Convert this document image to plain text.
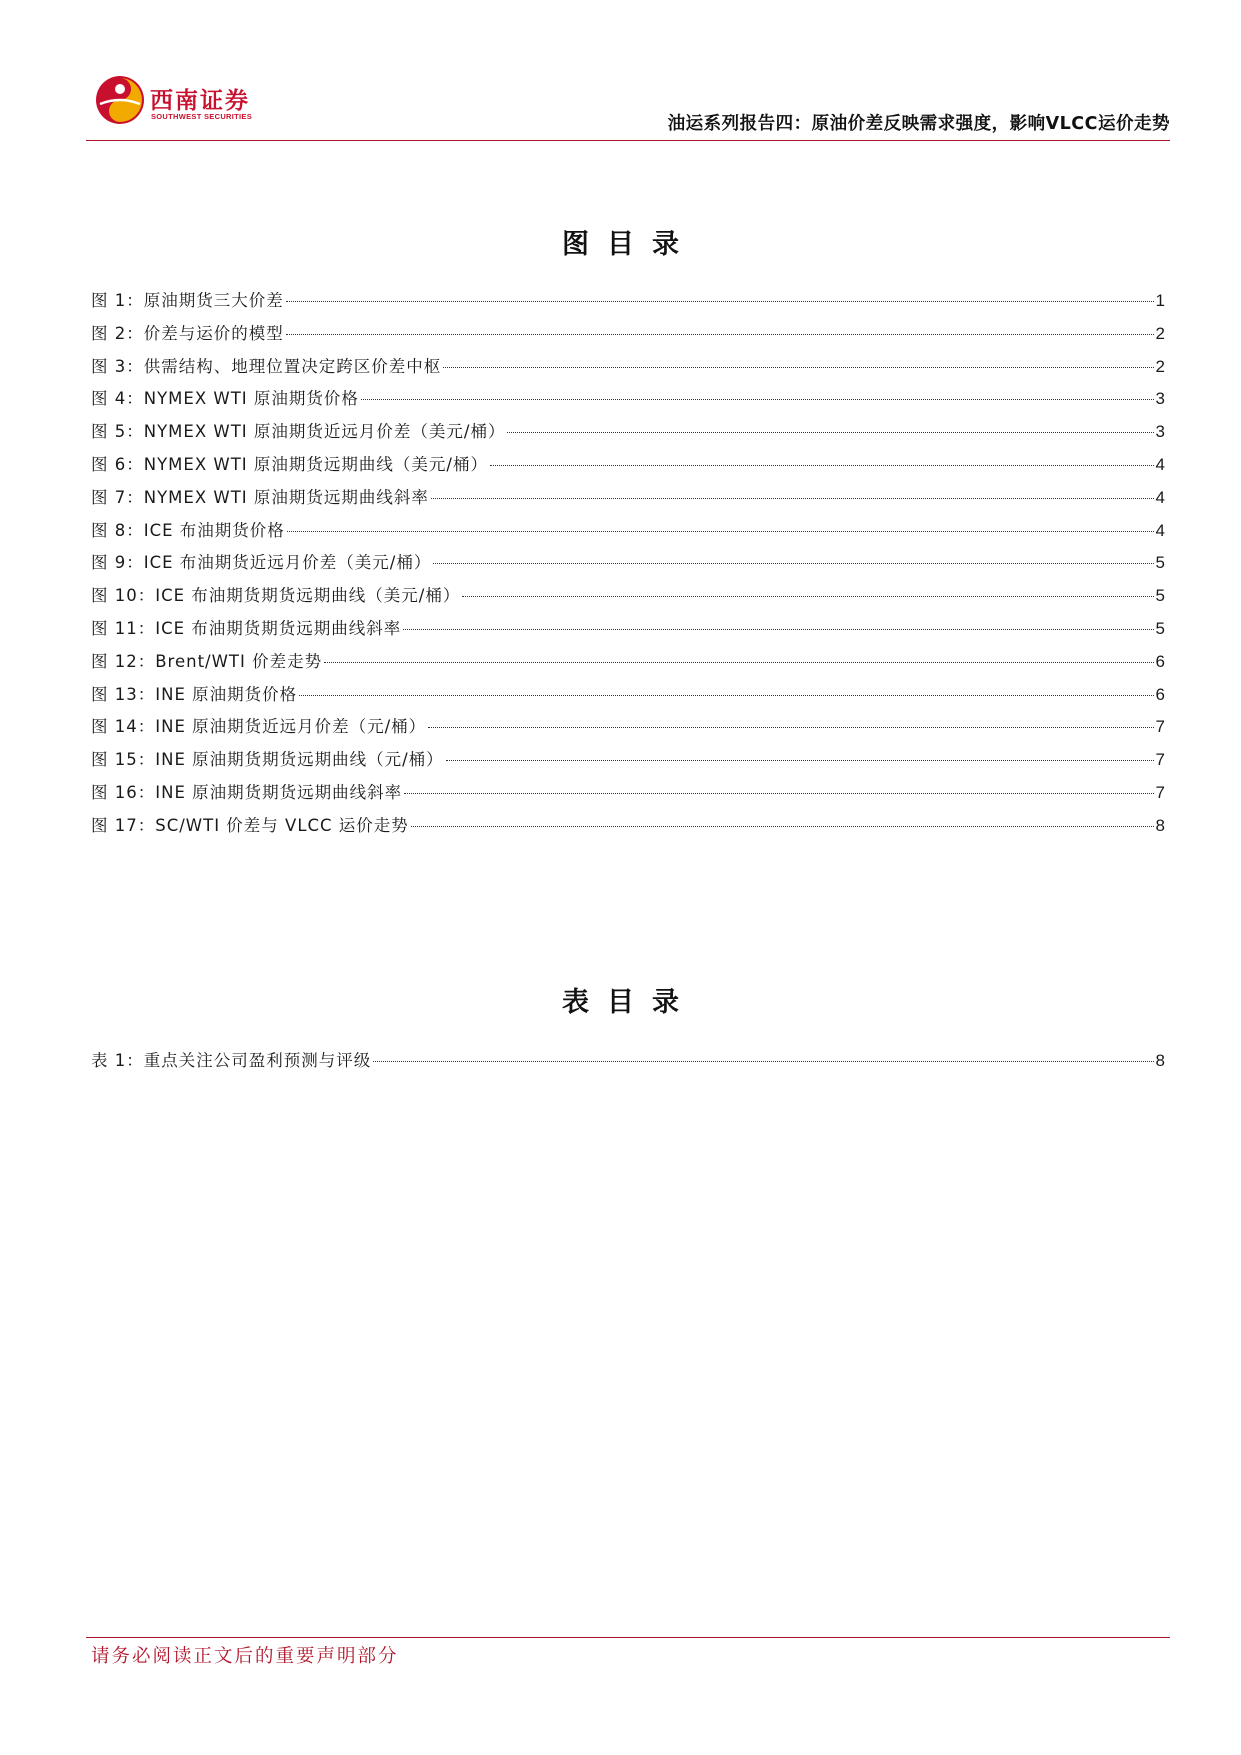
西南证券
SOUTHWEST SECURITIES	油运系列报告四：原油价差反映需求强度，影响VLCC运价走势
图目录
图 1：原油期货三大价差	1
图 2：价差与运价的模型	2
图 3：供需结构、地理位置决定跨区价差中枢	2
图 4：NYMEX WTI 原油期货价格	3
图 5：NYMEX WTI 原油期货近远月价差（美元/桶）	3
图 6：NYMEX WTI 原油期货远期曲线（美元/桶）	4
图 7：NYMEX WTI 原油期货远期曲线斜率	4
图 8：ICE 布油期货价格	4
图 9：ICE 布油期货近远月价差（美元/桶）	5
图 10：ICE 布油期货期货远期曲线（美元/桶）	5
图 11：ICE 布油期货期货远期曲线斜率	5
图 12：Brent/WTI 价差走势	6
图 13：INE 原油期货价格	6
图 14：INE 原油期货近远月价差（元/桶）	7
图 15：INE 原油期货期货远期曲线（元/桶）	7
图 16：INE 原油期货期货远期曲线斜率	7
图 17：SC/WTI 价差与 VLCC 运价走势	8
表目录
表 1：重点关注公司盈利预测与评级	8
请务必阅读正文后的重要声明部分
